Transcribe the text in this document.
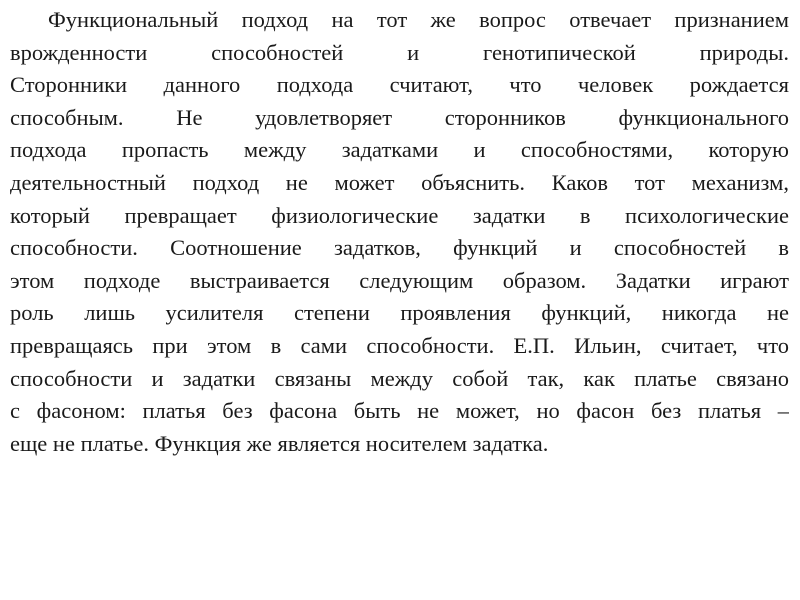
Функциональный подход на тот же вопрос отвечает признанием
врожденности способностей и генотипической природы.
Сторонники данного подхода считают, что человек рождается
способным. Не удовлетворяет сторонников функционального
подхода пропасть между задатками и способностями, которую
деятельностный подход не может объяснить. Каков тот механизм,
который превращает физиологические задатки в психологические
способности. Соотношение задатков, функций и способностей в
этом подходе выстраивается следующим образом. Задатки играют
роль лишь усилителя степени проявления функций, никогда не
превращаясь при этом в сами способности. Е.П. Ильин, считает, что
способности и задатки связаны между собой так, как платье связано
с фасоном: платья без фасона быть не может, но фасон без платья –
еще не платье. Функция же является носителем задатка.
